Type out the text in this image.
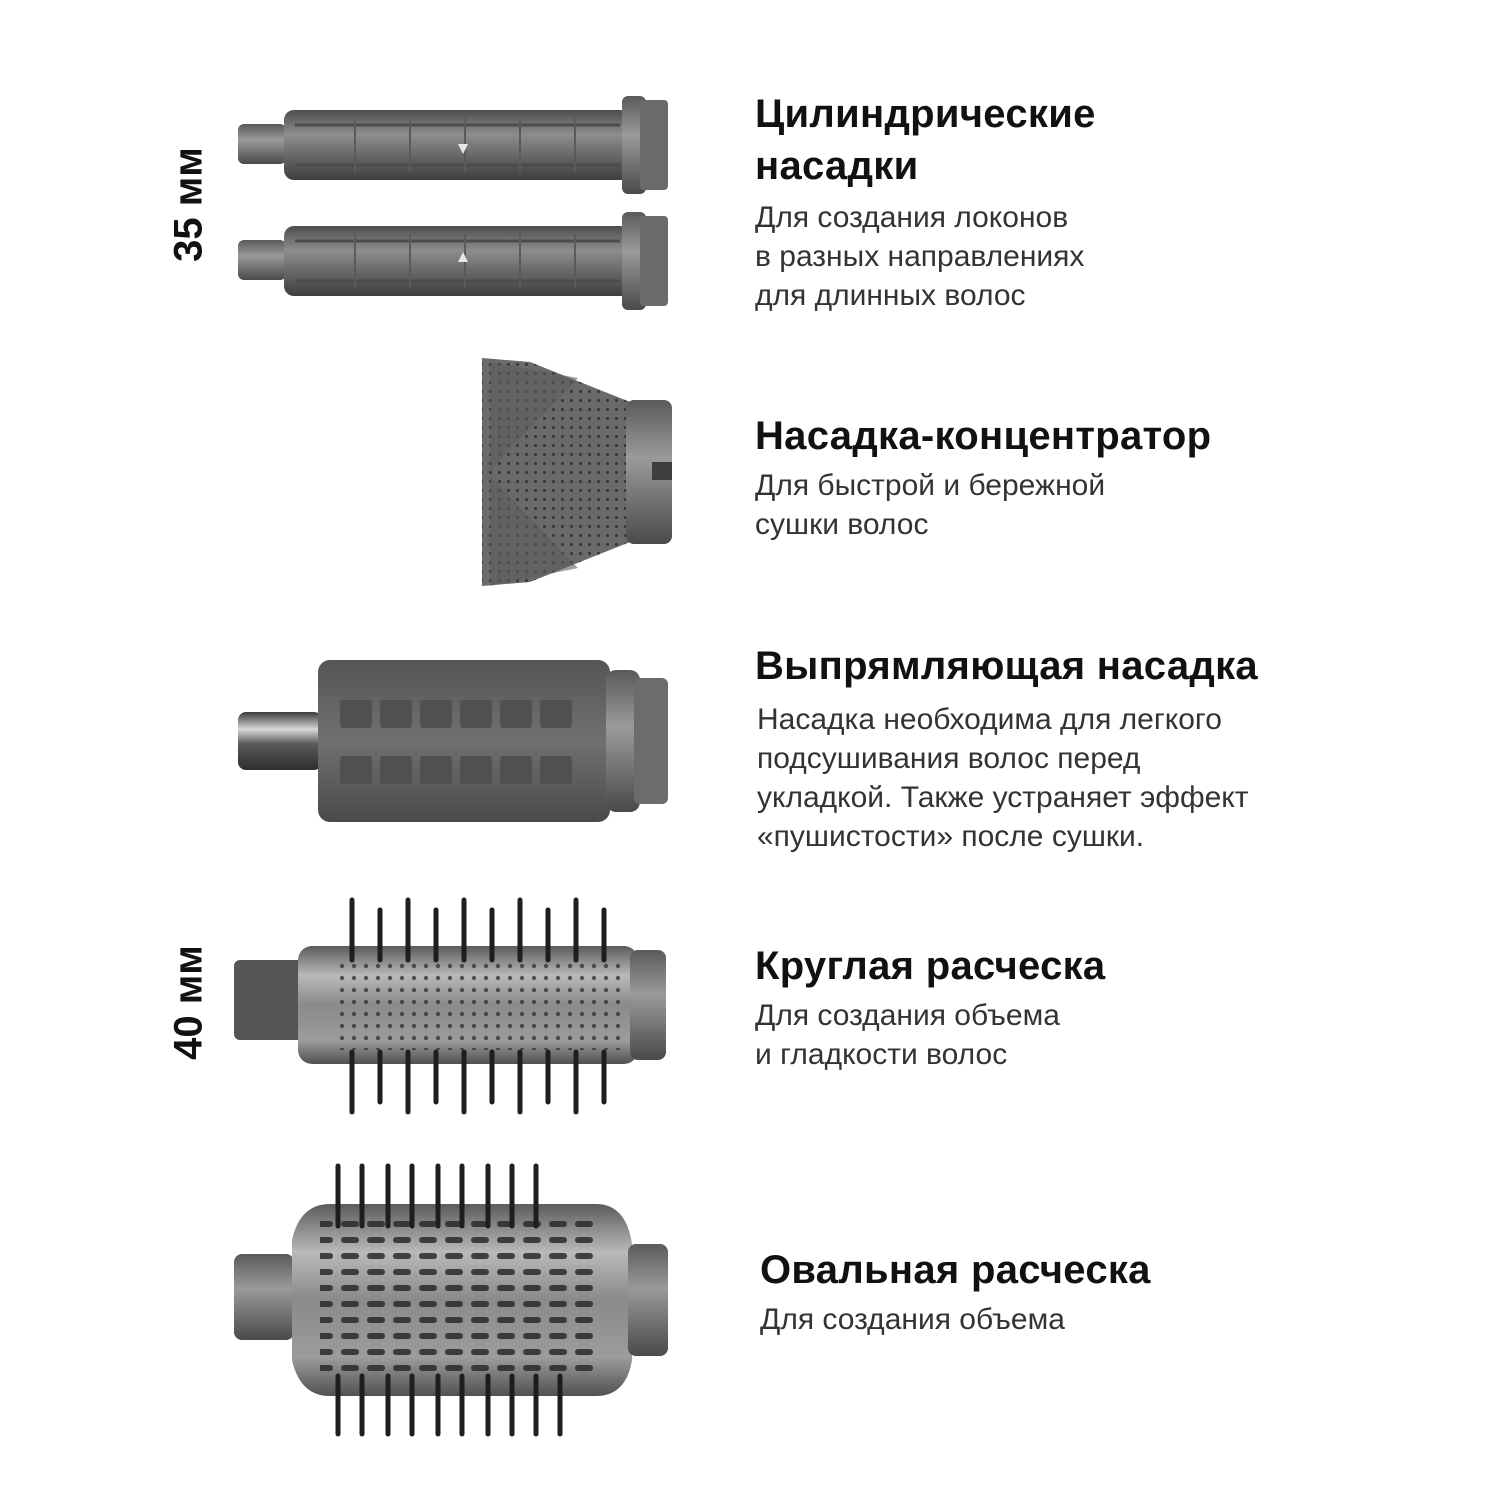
35 мм
40 мм
Цилиндрические
насадки
Для создания локонов
в разных направлениях
для длинных волос
Насадка-концентратор
Для быстрой и бережной
сушки волос
Выпрямляющая насадка
Насадка необходима для легкого
подсушивания волос перед
укладкой. Также устраняет эффект
«пушистости» после сушки.
Круглая расческа
Для создания объема
и гладкости волос
Овальная расческа
Для создания объема
